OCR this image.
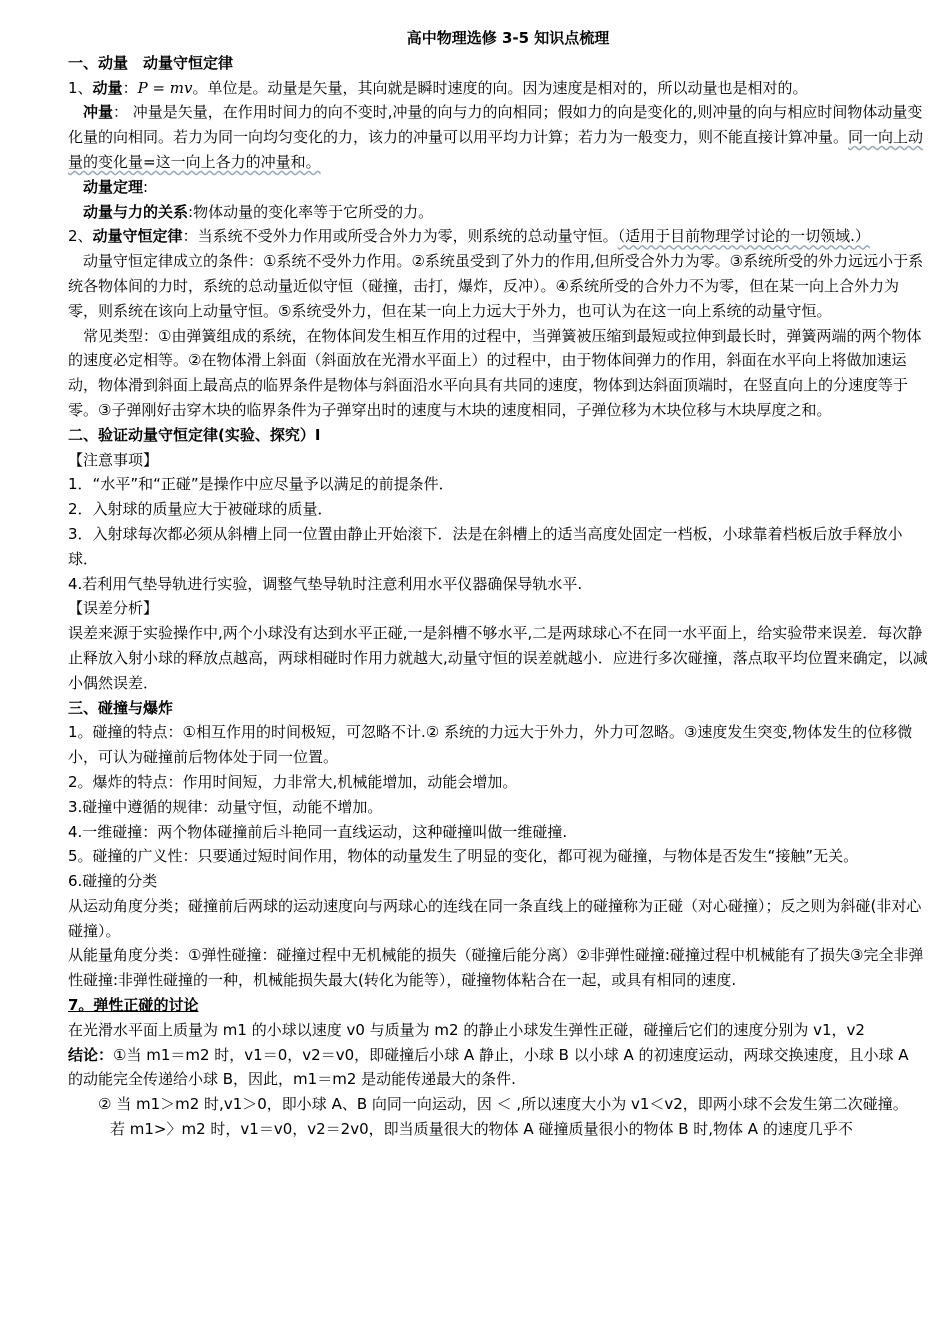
高中物理选修 3-5 知识点梳理

一、动量　动量守恒定律

1、动量：P = mv。单位是。动量是矢量，其向就是瞬时速度的向。因为速度是相对的，所以动量也是相对的。

冲量： 冲量是矢量，在作用时间力的向不变时,冲量的向与力的向相同；假如力的向是变化的,则冲量的向与相应时间物体动量变化量的向相同。若力为同一向均匀变化的力，该力的冲量可以用平均力计算；若力为一般变力，则不能直接计算冲量。同一向上动量的变化量=这一向上各力的冲量和。

动量定理:

动量与力的关系:物体动量的变化率等于它所受的力。

2、动量守恒定律：当系统不受外力作用或所受合外力为零，则系统的总动量守恒。（适用于目前物理学讨论的一切领域.）

动量守恒定律成立的条件：①系统不受外力作用。②系统虽受到了外力的作用,但所受合外力为零。③系统所受的外力远远小于系统各物体间的力时，系统的总动量近似守恒（碰撞，击打，爆炸，反冲）。④系统所受的合外力不为零，但在某一向上合外力为零，则系统在该向上动量守恒。⑤系统受外力，但在某一向上力远大于外力，也可认为在这一向上系统的动量守恒。

常见类型：①由弹簧组成的系统，在物体间发生相互作用的过程中，当弹簧被压缩到最短或拉伸到最长时，弹簧两端的两个物体的速度必定相等。②在物体滑上斜面（斜面放在光滑水平面上）的过程中，由于物体间弹力的作用，斜面在水平向上将做加速运动，物体滑到斜面上最高点的临界条件是物体与斜面沿水平向具有共同的速度，物体到达斜面顶端时，在竖直向上的分速度等于零。③子弹刚好击穿木块的临界条件为子弹穿出时的速度与木块的速度相同，子弹位移为木块位移与木块厚度之和。

二、验证动量守恒定律(实验、探究）Ⅰ

【注意事项】

1．“水平”和“正碰”是操作中应尽量予以满足的前提条件．

2．入射球的质量应大于被碰球的质量．

3．入射球每次都必须从斜槽上同一位置由静止开始滚下．法是在斜槽上的适当高度处固定一档板，小球靠着档板后放手释放小球．

4.若利用气垫导轨进行实验，调整气垫导轨时注意利用水平仪器确保导轨水平.

【误差分析】

误差来源于实验操作中,两个小球没有达到水平正碰,一是斜槽不够水平,二是两球球心不在同一水平面上，给实验带来误差．每次静止释放入射小球的释放点越高，两球相碰时作用力就越大,动量守恒的误差就越小．应进行多次碰撞，落点取平均位置来确定，以减小偶然误差．

三、碰撞与爆炸

1。碰撞的特点：①相互作用的时间极短，可忽略不计.② 系统的力远大于外力，外力可忽略。③速度发生突变,物体发生的位移微小，可认为碰撞前后物体处于同一位置。

2。爆炸的特点：作用时间短，力非常大,机械能增加，动能会增加。

3.碰撞中遵循的规律：动量守恒，动能不增加。

4.一维碰撞：两个物体碰撞前后斗艳同一直线运动，这种碰撞叫做一维碰撞.

5。碰撞的广义性：只要通过短时间作用，物体的动量发生了明显的变化，都可视为碰撞，与物体是否发生“接触”无关。

6.碰撞的分类

从运动角度分类；碰撞前后两球的运动速度向与两球心的连线在同一条直线上的碰撞称为正碰（对心碰撞）；反之则为斜碰(非对心碰撞）。

从能量角度分类：①弹性碰撞：碰撞过程中无机械能的损失（碰撞后能分离）②非弹性碰撞:碰撞过程中机械能有了损失③完全非弹性碰撞:非弹性碰撞的一种，机械能损失最大(转化为能等），碰撞物体粘合在一起，或具有相同的速度.

7。弹性正碰的讨论

在光滑水平面上质量为 m1 的小球以速度 v0 与质量为 m2 的静止小球发生弹性正碰，碰撞后它们的速度分别为 v1，v2

结论：①当 m1＝m2 时，v1＝0，v2＝v0，即碰撞后小球 A 静止，小球 B 以小球 A 的初速度运动，两球交换速度，且小球 A 的动能完全传递给小球 B，因此，m1＝m2 是动能传递最大的条件.

② 当 m1＞m2 时,v1＞0，即小球 A、B 向同一向运动，因 ＜ ,所以速度大小为 v1＜v2，即两小球不会发生第二次碰撞。

若 m1>〉m2 时，v1＝v0，v2＝2v0，即当质量很大的物体 A 碰撞质量很小的物体 B 时,物体 A 的速度几乎不
